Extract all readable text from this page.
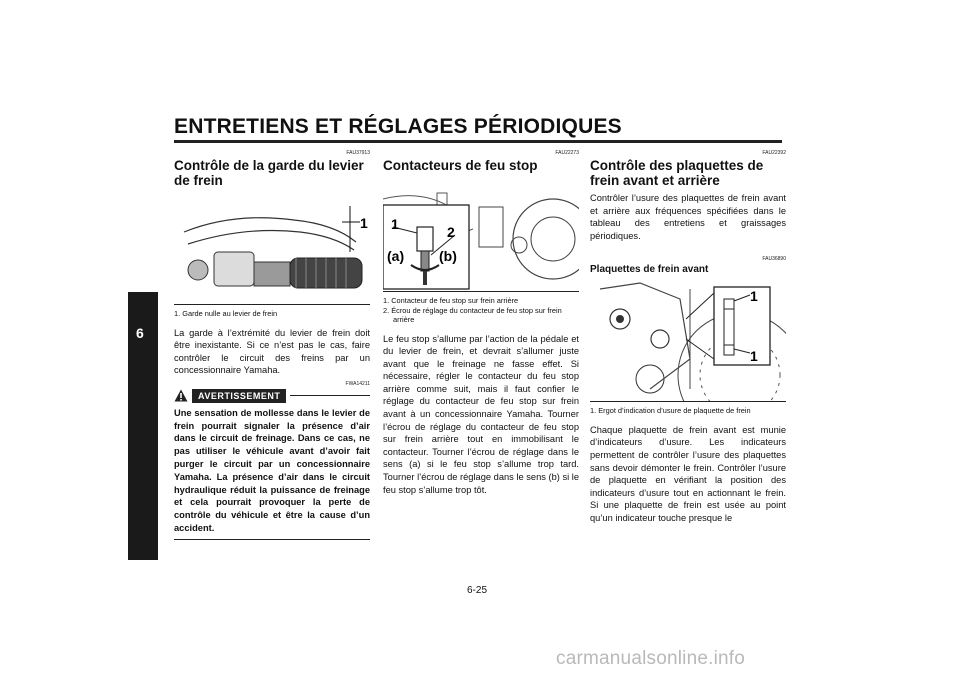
ENTRETIENS ET RÉGLAGES PÉRIODIQUES
6
FAU37913
Contrôle de la garde du levier de frein
1
1. Garde nulle au levier de frein

La garde à l’extrémité du levier de frein doit être inexistante. Si ce n’est pas le cas, faire contrôler le circuit des freins par un concessionnaire Yamaha.

FWA14211
AVERTISSEMENT
Une sensation de mollesse dans le levier de frein pourrait signaler la présence d’air dans le circuit de freinage. Dans ce cas, ne pas utiliser le véhicule avant d’avoir fait purger le circuit par un concessionnaire Yamaha. La présence d’air dans le circuit hydraulique réduit la puissance de freinage et cela pourrait provoquer la perte de contrôle du véhicule et être la cause d’un accident.
FAU22273
Contacteurs de feu stop
1	2
(a) (b)
1. Contacteur de feu stop sur frein arrière
2. Écrou de réglage du contacteur de feu stop sur frein arrière

Le feu stop s’allume par l’action de la pédale et du levier de frein, et devrait s’allumer juste avant que le freinage ne fasse effet. Si nécessaire, régler le contacteur du feu stop arrière comme suit, mais il faut confier le réglage du contacteur de feu stop sur frein avant à un concessionnaire Yamaha. Tourner l’écrou de réglage du contacteur de feu stop sur frein arrière tout en immobilisant le contacteur. Tourner l’écrou de réglage dans le sens (a) si le feu stop s’allume trop tard. Tourner l’écrou de réglage dans le sens (b) si le feu stop s’allume trop tôt.

FAU22392
Contrôle des plaquettes de frein avant et arrière

Contrôler l’usure des plaquettes de frein avant et arrière aux fréquences spécifiées dans le tableau des entretiens et graissages périodiques.

FAU36890
Plaquettes de frein avant
1
1
1. Ergot d’indication d’usure de plaquette de frein

Chaque plaquette de frein avant est munie d’indicateurs d’usure. Les indicateurs permettent de contrôler l’usure des plaquettes sans devoir démonter le frein. Contrôler l’usure de plaquette en vérifiant la position des indicateurs d’usure tout en actionnant le frein. Si une plaquette de frein est usée au point qu’un indicateur touche presque le

6-25
carmanualsonline.info
